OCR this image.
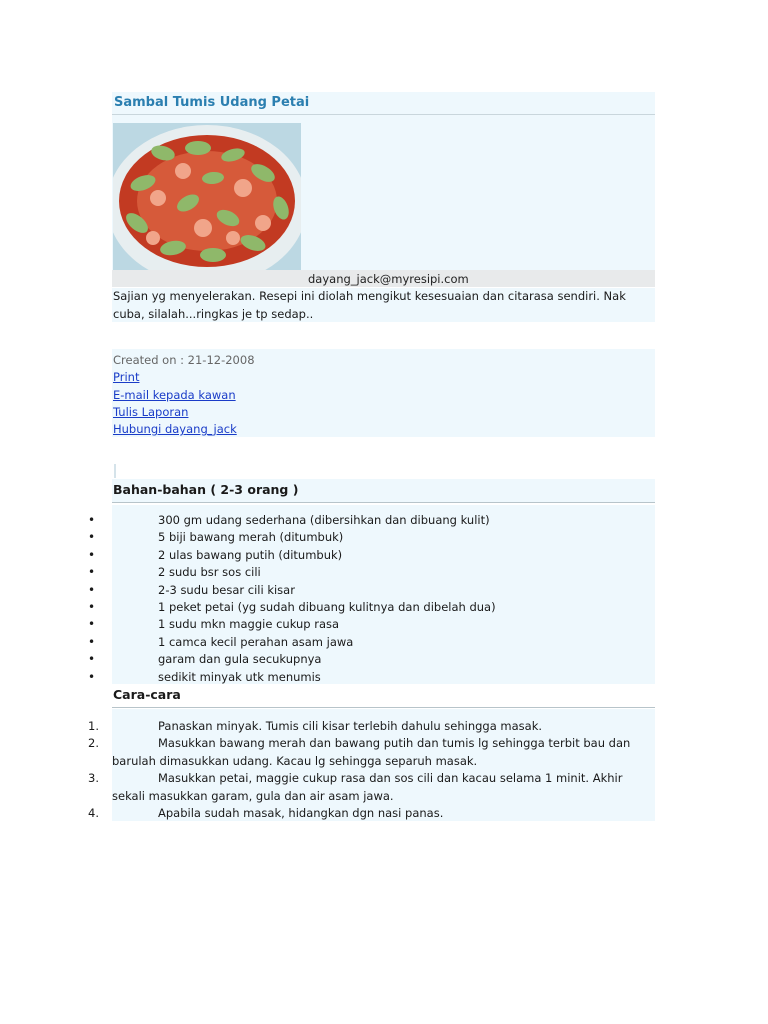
Sambal Tumis Udang Petai
dayang_jack@myresipi.com
Sajian yg menyelerakan. Resepi ini diolah mengikut kesesuaian dan citarasa sendiri. Nak cuba, silalah...ringkas je tp sedap..
Created on : 21-12-2008
Print
E-mail kepada kawan
Tulis Laporan
Hubungi dayang_jack
Bahan-bahan ( 2-3 orang )
•	300 gm udang sederhana (dibersihkan dan dibuang kulit)
•	5 biji bawang merah (ditumbuk)
•	2 ulas bawang putih (ditumbuk)
•	2 sudu bsr sos cili
•	2-3 sudu besar cili kisar
•	1 peket petai (yg sudah dibuang kulitnya dan dibelah dua)
•	1 sudu mkn maggie cukup rasa
•	1 camca kecil perahan asam jawa
•	garam dan gula secukupnya
•	sedikit minyak utk menumis
Cara-cara
1.	Panaskan minyak. Tumis cili kisar terlebih dahulu sehingga masak.
2.	Masukkan bawang merah dan bawang putih dan tumis lg sehingga terbit bau dan barulah dimasukkan udang. Kacau lg sehingga separuh masak.
3.	Masukkan petai, maggie cukup rasa dan sos cili dan kacau selama 1 minit. Akhir sekali masukkan garam, gula dan air asam jawa.
4.	Apabila sudah masak, hidangkan dgn nasi panas.
